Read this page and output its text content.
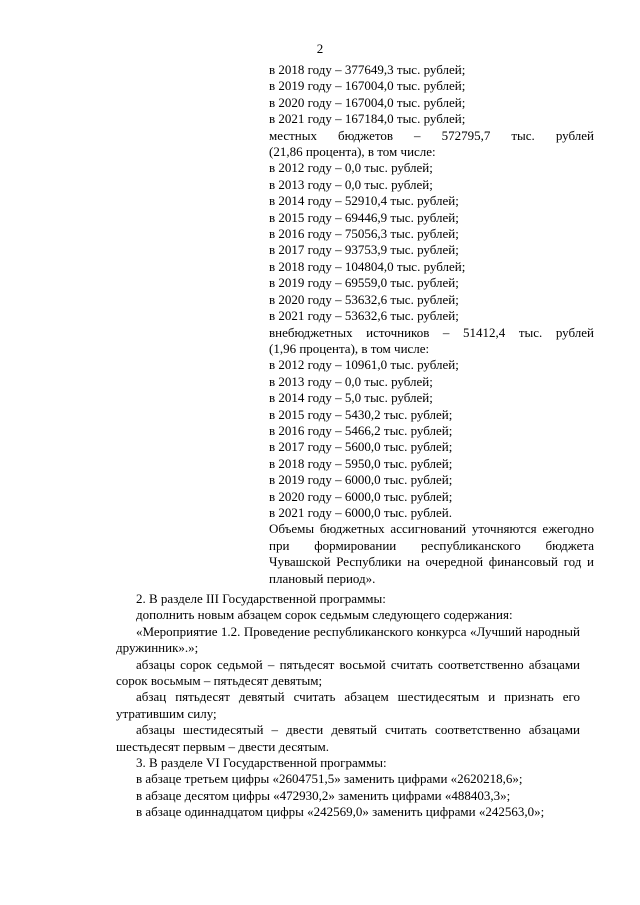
2
в 2018 году – 377649,3 тыс. рублей;
в 2019 году – 167004,0 тыс. рублей;
в 2020 году – 167004,0 тыс. рублей;
в 2021 году – 167184,0 тыс. рублей;
местных бюджетов – 572795,7 тыс. рублей
(21,86 процента), в том числе:
в 2012 году – 0,0 тыс. рублей;
в 2013 году – 0,0 тыс. рублей;
в 2014 году – 52910,4 тыс. рублей;
в 2015 году – 69446,9 тыс. рублей;
в 2016 году – 75056,3 тыс. рублей;
в 2017 году – 93753,9 тыс. рублей;
в 2018 году – 104804,0 тыс. рублей;
в 2019 году – 69559,0 тыс. рублей;
в 2020 году – 53632,6 тыс. рублей;
в 2021 году – 53632,6 тыс. рублей;
внебюджетных источников – 51412,4 тыс. рублей
(1,96 процента), в том числе:
в 2012 году – 10961,0 тыс. рублей;
в 2013 году – 0,0 тыс. рублей;
в 2014 году – 5,0 тыс. рублей;
в 2015 году – 5430,2 тыс. рублей;
в 2016 году – 5466,2 тыс. рублей;
в 2017 году – 5600,0 тыс. рублей;
в 2018 году – 5950,0 тыс. рублей;
в 2019 году – 6000,0 тыс. рублей;
в 2020 году – 6000,0 тыс. рублей;
в 2021 году – 6000,0 тыс. рублей.
Объемы бюджетных ассигнований уточняются ежегодно при формировании республиканского бюджета Чувашской Республики на очередной финансовый год и плановый период».

2. В разделе III Государственной программы:

дополнить новым абзацем сорок седьмым следующего содержания:

«Мероприятие 1.2. Проведение республиканского конкурса «Лучший народный дружинник».»;

абзацы сорок седьмой – пятьдесят восьмой считать соответственно абзацами сорок восьмым – пятьдесят девятым;

абзац пятьдесят девятый считать абзацем шестидесятым и признать его утратившим силу;

абзацы шестидесятый – двести девятый считать соответственно абзацами шестьдесят первым – двести десятым.

3. В разделе VI Государственной программы:

в абзаце третьем цифры «2604751,5» заменить цифрами «2620218,6»;

в абзаце десятом цифры «472930,2» заменить цифрами «488403,3»;

в абзаце одиннадцатом цифры «242569,0» заменить цифрами «242563,0»;
